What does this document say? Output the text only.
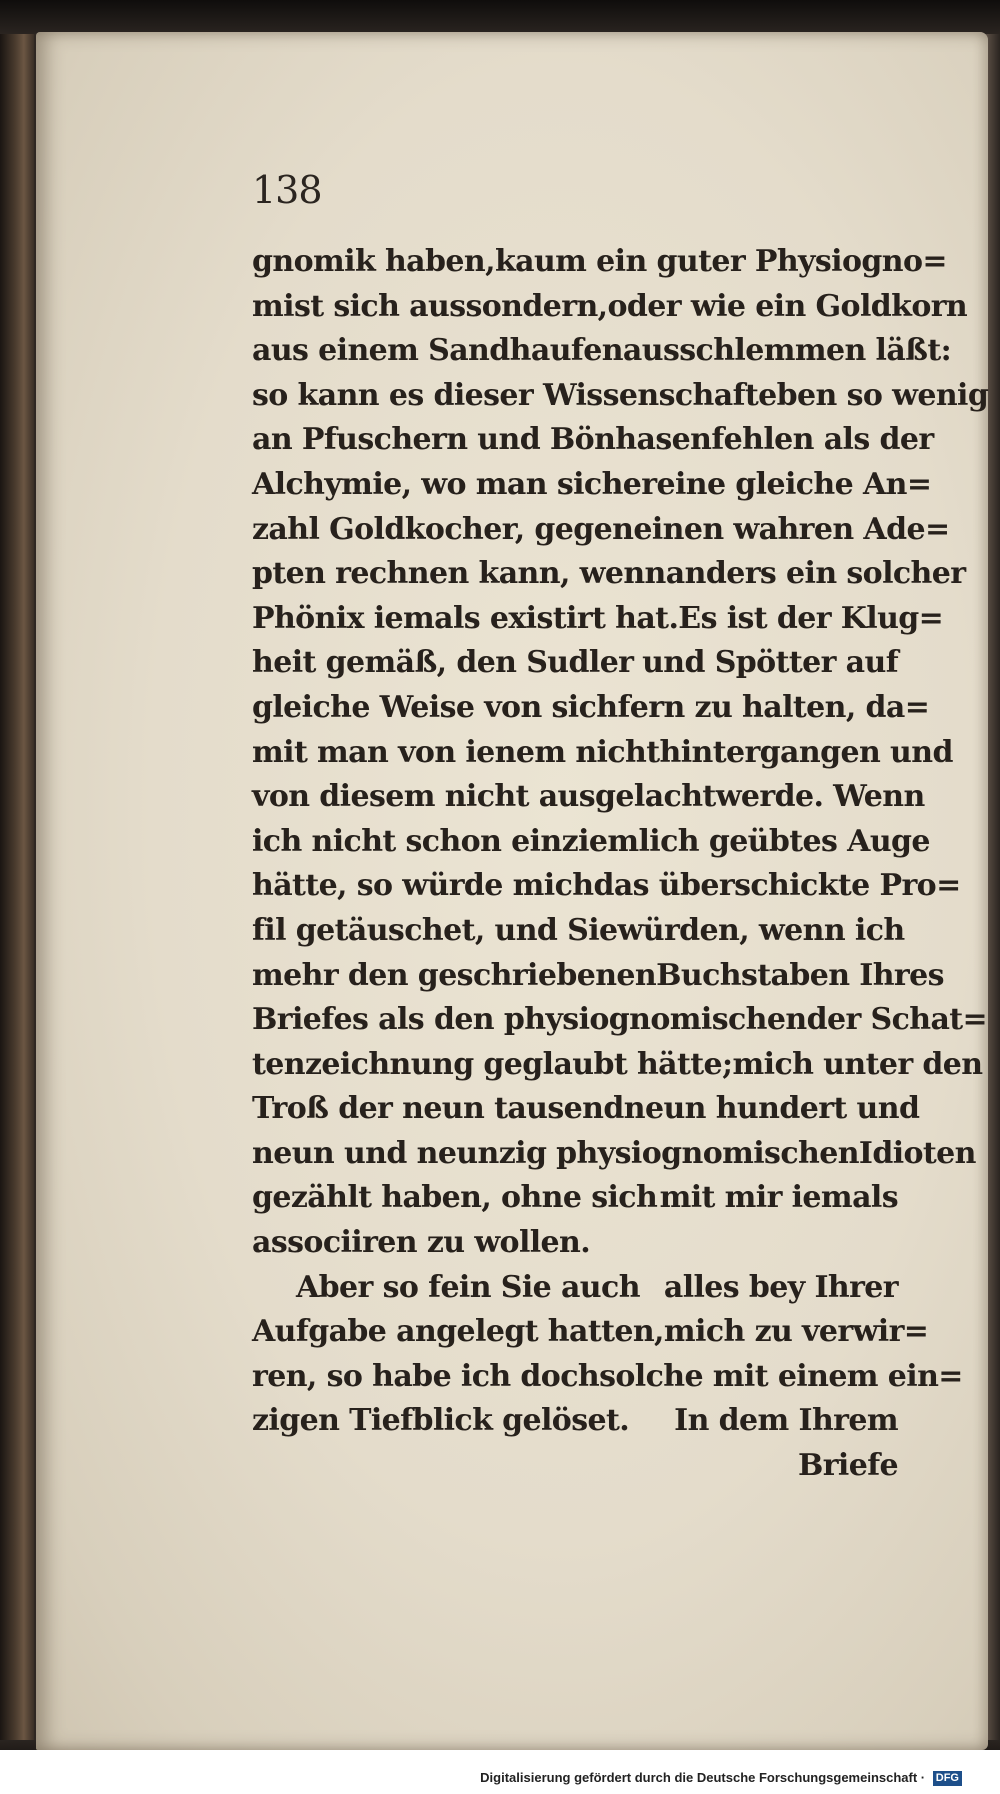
138
gnomik haben, kaum ein guter Physiogno=
mist sich aussondern, oder wie ein Goldkorn
aus einem Sandhaufen ausschlemmen läßt:
so kann es dieser Wissenschaft eben so wenig
an Pfuschern und Bönhasen fehlen als der
Alchymie, wo man sicher eine gleiche An=
zahl Goldkocher, gegen einen wahren Ade=
pten rechnen kann, wenn anders ein solcher
Phönix iemals existirt hat. Es ist der Klug=
heit gemäß, den Sudler und Spötter auf
gleiche Weise von sich fern zu halten, da=
mit man von ienem nicht hintergangen und
von diesem nicht ausgelacht werde. Wenn
ich nicht schon ein ziemlich geübtes Auge
hätte, so würde mich das überschickte Pro=
fil getäuschet, und Sie würden, wenn ich
mehr den geschriebenen Buchstaben Ihres
Briefes als den physiognomischen der Schat=
tenzeichnung geglaubt hätte; mich unter den
Troß der neun tausend neun hundert und
neun und neunzig physiognomischen Idioten
gezählt haben, ohne sich mit mir iemals
associiren zu wollen.
Aber so fein Sie auch alles bey Ihrer
Aufgabe angelegt hatten, mich zu verwir=
ren, so habe ich doch solche mit einem ein=
zigen Tiefblick gelöset. In dem Ihrem
Briefe
Digitalisierung gefördert durch die Deutsche Forschungsgemeinschaft · DFG
